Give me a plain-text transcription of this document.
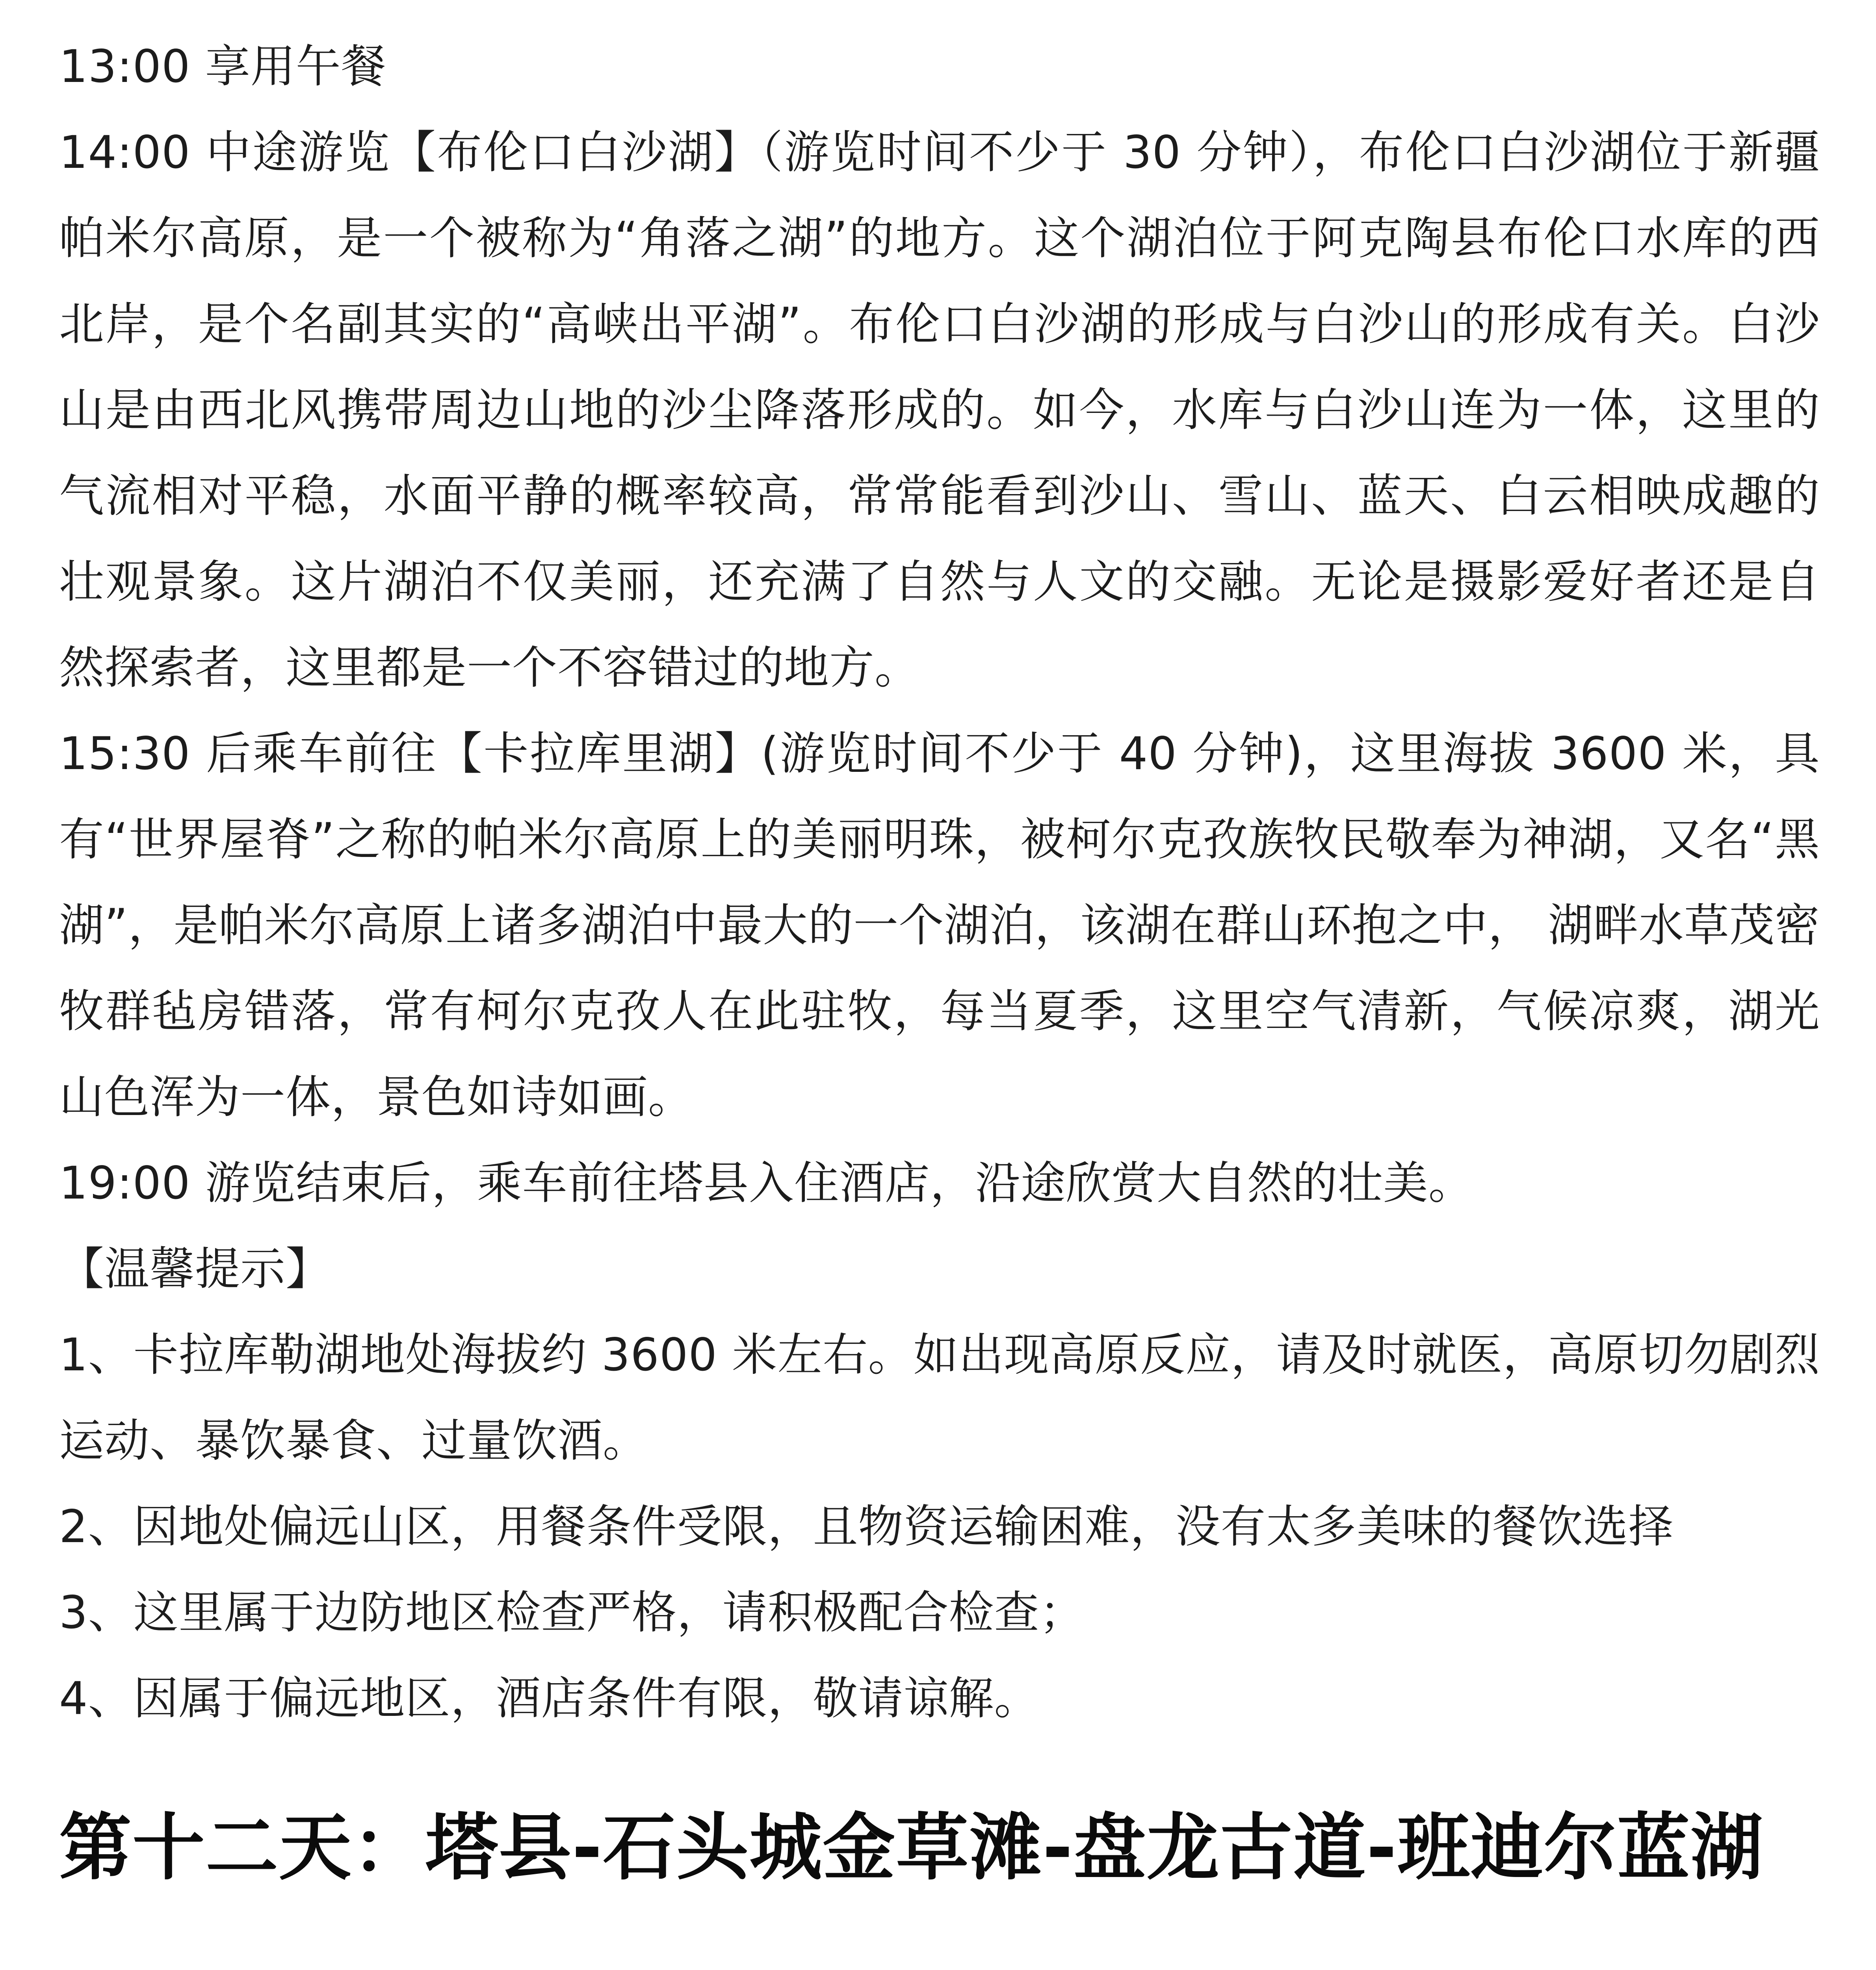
13:00 享用午餐

14:00 中途游览【布伦口白沙湖】（游览时间不少于 30 分钟），布伦口白沙湖位于新疆帕米尔高原，是一个被称为“角落之湖”的地方。这个湖泊位于阿克陶县布伦口水库的西北岸，是个名副其实的“高峡出平湖”。布伦口白沙湖的形成与白沙山的形成有关。白沙山是由西北风携带周边山地的沙尘降落形成的。如今，水库与白沙山连为一体，这里的气流相对平稳，水面平静的概率较高，常常能看到沙山、雪山、蓝天、白云相映成趣的壮观景象。这片湖泊不仅美丽，还充满了自然与人文的交融。无论是摄影爱好者还是自然探索者，这里都是一个不容错过的地方。

15:30 后乘车前往【卡拉库里湖】(游览时间不少于 40 分钟)，这里海拔 3600 米，具有“世界屋脊”之称的帕米尔高原上的美丽明珠，被柯尔克孜族牧民敬奉为神湖，又名“黑湖”，是帕米尔高原上诸多湖泊中最大的一个湖泊，该湖在群山环抱之中， 湖畔水草茂密牧群毡房错落，常有柯尔克孜人在此驻牧，每当夏季，这里空气清新，气候凉爽，湖光山色浑为一体，景色如诗如画。

19:00 游览结束后，乘车前往塔县入住酒店，沿途欣赏大自然的壮美。

【温馨提示】

1、卡拉库勒湖地处海拔约 3600 米左右。如出现高原反应，请及时就医，高原切勿剧烈运动、暴饮暴食、过量饮酒。

2、因地处偏远山区，用餐条件受限，且物资运输困难，没有太多美味的餐饮选择

3、这里属于边防地区检查严格，请积极配合检查；

4、因属于偏远地区，酒店条件有限，敬请谅解。

第十二天：塔县-石头城金草滩-盘龙古道-班迪尔蓝湖
